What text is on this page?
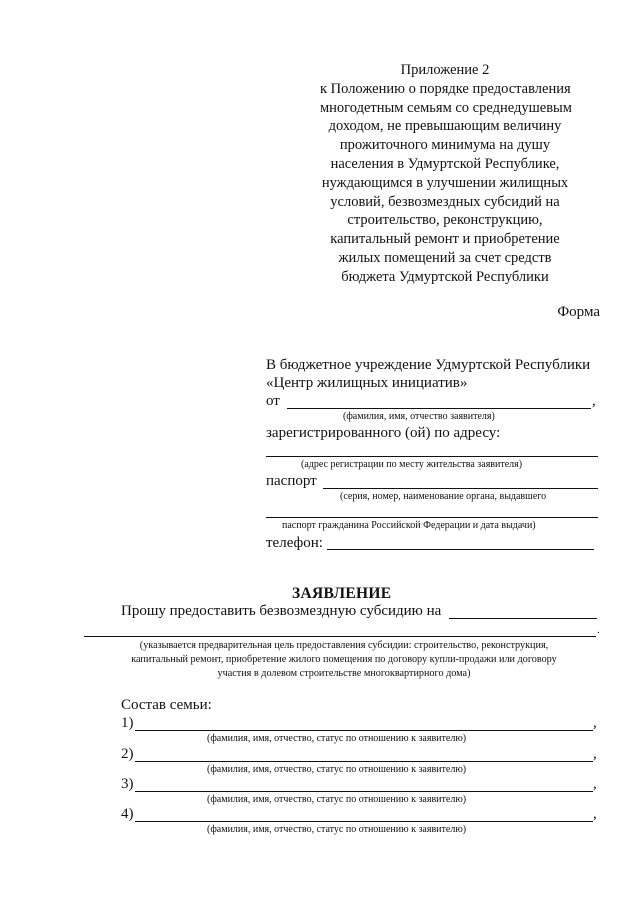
Приложение 2
к Положению о порядке предоставления
многодетным семьям со среднедушевым
доходом, не превышающим величину
прожиточного минимума на душу
населения в Удмуртской Республике,
нуждающимся в улучшении жилищных
условий, безвозмездных субсидий на
строительство, реконструкцию,
капитальный ремонт и приобретение
жилых помещений за счет средств
бюджета Удмуртской Республики
Форма
В бюджетное учреждение Удмуртской Республики
«Центр жилищных инициатив»
от	,
(фамилия, имя, отчество заявителя)
зарегистрированного (ой) по адресу:
(адрес регистрации по месту жительства заявителя)
паспорт
(серия, номер, наименование органа, выдавшего
паспорт гражданина Российской Федерации и дата выдачи)
телефон:
ЗАЯВЛЕНИЕ
Прошу предоставить безвозмездную субсидию на
.
(указывается предварительная цель предоставления субсидии: строительство, реконструкция,
капитальный ремонт, приобретение жилого помещения по договору купли-продажи или договору
участия в долевом строительстве многоквартирного дома)
Состав семьи:
1)	,
(фамилия, имя, отчество, статус по отношению к заявителю)
2)	,
(фамилия, имя, отчество, статус по отношению к заявителю)
3)	,
(фамилия, имя, отчество, статус по отношению к заявителю)
4)	,
(фамилия, имя, отчество, статус по отношению к заявителю)
